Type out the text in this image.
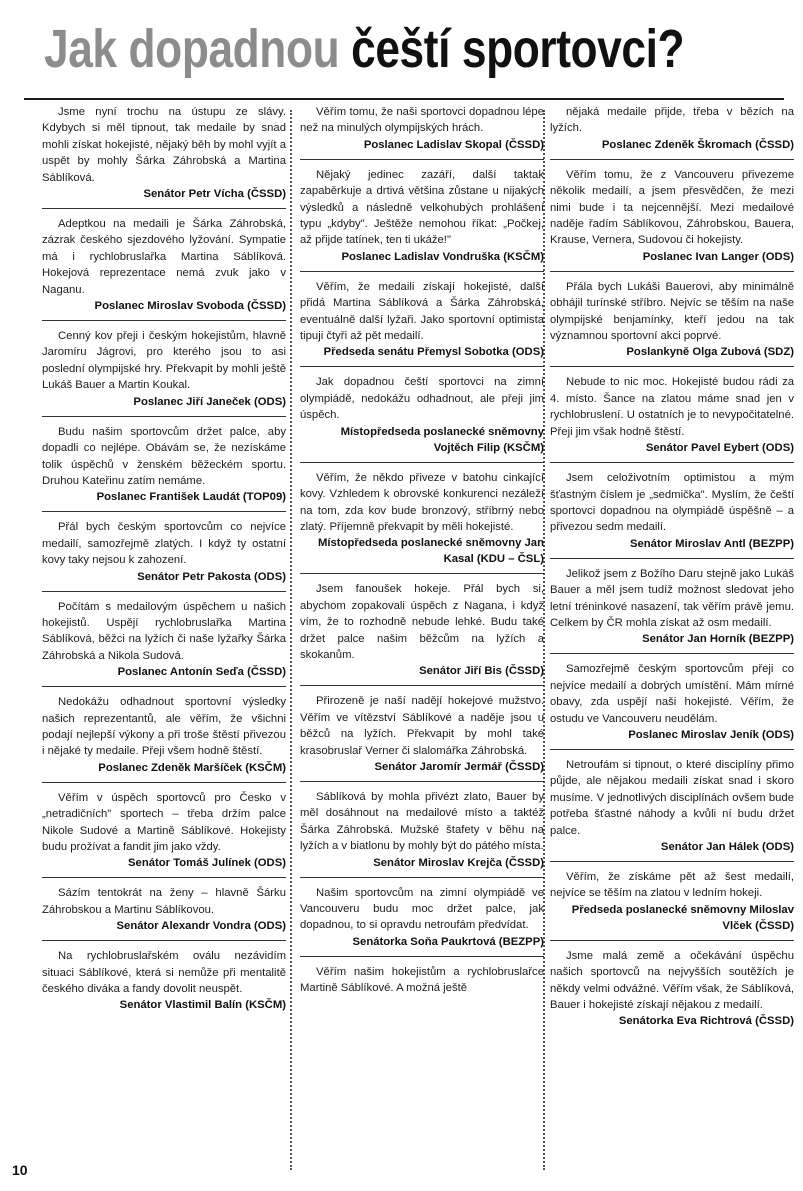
Jak dopadnou čeští sportovci?

Jsme nyní trochu na ústupu ze slávy. Kdybych si měl tipnout, tak medaile by snad mohli získat hokejisté, nějaký běh by mohl vyjít a uspět by mohly Šárka Záhrobská a Martina Sáblíková.

Senátor Petr Vícha (ČSSD)

Adeptkou na medaili je Šárka Záhrobská, zázrak českého sjezdového lyžování. Sympatie má i rychlobruslařka Martina Sáblíková. Hokejová reprezentace nemá zvuk jako v Naganu.

Poslanec Miroslav Svoboda (ČSSD)

Cenný kov přeji i českým hokejistům, hlavně Jaromíru Jágrovi, pro kterého jsou to asi poslední olympijské hry. Překvapit by mohli ještě Lukáš Bauer a Martin Koukal.

Poslanec Jiří Janeček (ODS)

Budu našim sportovcům držet palce, aby dopadli co nejlépe. Obávám se, že nezískáme tolik úspěchů v ženském běžeckém sportu. Druhou Kateřinu zatím nemáme.

Poslanec František Laudát (TOP09)

Přál bych českým sportovcům co nejvíce medailí, samozřejmě zlatých. I když ty ostatní kovy taky nejsou k zahození.

Senátor Petr Pakosta (ODS)

Počítám s medailovým úspěchem u našich hokejistů. Uspějí rychlobruslařka Martina Sáblíková, běžci na lyžích či naše lyžařky Šárka Záhrobská a Nikola Sudová.

Poslanec Antonín Seďa (ČSSD)

Nedokážu odhadnout sportovní výsledky našich reprezentantů, ale věřím, že všichni podají nejlepší výkony a při troše štěstí přivezou i nějaké ty medaile. Přeji všem hodně štěstí.

Poslanec Zdeněk Maršíček (KSČM)

Věřím v úspěch sportovců pro Česko v „netradičních" sportech – třeba držím palce Nikole Sudové a Martině Sáblíkové. Hokejisty budu prožívat a fandit jim jako vždy.

Senátor Tomáš Julínek (ODS)

Sázím tentokrát na ženy – hlavně Šárku Záhrobskou a Martinu Sáblíkovou.

Senátor Alexandr Vondra (ODS)

Na rychlobruslařském oválu nezávidím situaci Sáblíkové, která si nemůže při mentalitě českého diváka a fandy dovolit neuspět.

Senátor Vlastimil Balín (KSČM)

Věřím tomu, že naši sportovci dopadnou lépe než na minulých olympijských hrách.

Poslanec Ladislav Skopal (ČSSD)

Nějaký jedinec zazáří, další taktak zapaběrkuje a drtivá většina zůstane u nijakých výsledků a následně velkohubých prohlášení typu „kdyby". Ještěže nemohou říkat: „Počkej, až přijde tatínek, ten ti ukáže!"

Poslanec Ladislav Vondruška (KSČM)

Věřím, že medaili získají hokejisté, další přidá Martina Sáblíková a Šárka Záhrobská, eventuálně další lyžaři. Jako sportovní optimista tipuji čtyři až pět medailí.

Předseda senátu Přemysl Sobotka (ODS)

Jak dopadnou čeští sportovci na zimní olympiádě, nedokážu odhadnout, ale přeji jim úspěch.

Místopředseda poslanecké sněmovny Vojtěch Filip (KSČM)

Věřím, že někdo přiveze v batohu cinkající kovy. Vzhledem k obrovské konkurenci nezáleží na tom, zda kov bude bronzový, stříbrný nebo zlatý. Příjemně překvapit by měli hokejisté.

Místopředseda poslanecké sněmovny Jan Kasal (KDU – ČSL)

Jsem fanoušek hokeje. Přál bych si, abychom zopakovali úspěch z Nagana, i když vím, že to rozhodně nebude lehké. Budu také držet palce našim běžcům na lyžích a skokanům.

Senátor Jiří Bis (ČSSD)

Přirozeně je naší nadějí hokejové mužstvo. Věřím ve vítězství Sáblíkové a naděje jsou u běžců na lyžích. Překvapit by mohl také krasobruslař Verner či slalomářka Záhrobská.

Senátor Jaromír Jermář (ČSSD)

Sáblíková by mohla přivézt zlato, Bauer by měl dosáhnout na medailové místo a taktéž Šárka Záhrobská. Mužské štafety v běhu na lyžích a v biatlonu by mohly být do pátého místa.

Senátor Miroslav Krejča (ČSSD)

Našim sportovcům na zimní olympiádě ve Vancouveru budu moc držet palce, jak dopadnou, to si opravdu netroufám předvídat.

Senátorka Soňa Paukrtová (BEZPP)

Věřím našim hokejistům a rychlobruslařce Martině Sáblíkové. A možná ještě

nějaká medaile přijde, třeba v bězích na lyžích.

Poslanec Zdeněk Škromach (ČSSD)

Věřím tomu, že z Vancouveru přivezeme několik medailí, a jsem přesvědčen, že mezi nimi bude i ta nejcennější. Mezi medailové naděje řadím Sáblíkovou, Záhrobskou, Bauera, Krause, Vernera, Sudovou či hokejisty.

Poslanec Ivan Langer (ODS)

Přála bych Lukáši Bauerovi, aby minimálně obhájil turínské stříbro. Nejvíc se těším na naše olympijské benjamínky, kteří jedou na tak významnou sportovní akci poprvé.

Poslankyně Olga Zubová (SDZ)

Nebude to nic moc. Hokejisté budou rádi za 4. místo. Šance na zlatou máme snad jen v rychlobruslení. U ostatních je to nevypočitatelné. Přeji jim však hodně štěstí.

Senátor Pavel Eybert (ODS)

Jsem celoživotním optimistou a mým šťastným číslem je „sedmička". Myslím, že čeští sportovci dopadnou na olympiádě úspěšně – a přivezou sedm medailí.

Senátor Miroslav Antl (BEZPP)

Jelikož jsem z Božího Daru stejně jako Lukáš Bauer a měl jsem tudíž možnost sledovat jeho letní tréninkové nasazení, tak věřím právě jemu. Celkem by ČR mohla získat až osm medailí.

Senátor Jan Horník (BEZPP)

Samozřejmě českým sportovcům přeji co nejvíce medailí a dobrých umístění. Mám mírné obavy, zda uspějí naši hokejisté. Věřím, že ostudu ve Vancouveru neudělám.

Poslanec Miroslav Jeník (ODS)

Netroufám si tipnout, o které disciplíny přimo půjde, ale nějakou medaili získat snad i skoro musíme. V jednotlivých disciplínách ovšem bude potřeba šťastné náhody a kvůli ní budu držet palce.

Senátor Jan Hálek (ODS)

Věřím, že získáme pět až šest medailí, nejvíce se těším na zlatou v ledním hokeji.

Předseda poslanecké sněmovny Miloslav Vlček (ČSSD)

Jsme malá země a očekávání úspěchu našich sportovců na nejvyšších soutěžích je někdy velmi odvážné. Věřím však, že Sáblíková, Bauer i hokejisté získají nějakou z medailí.

Senátorka Eva Richtrová (ČSSD)

10
